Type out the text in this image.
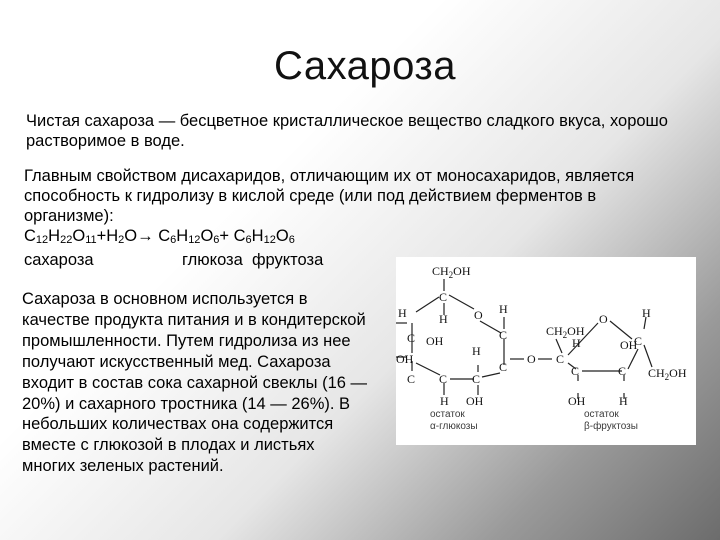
Сахароза

Чистая сахароза — бесцветное кристаллическое вещество сладкого вкуса, хорошо растворимое в воде.

Главным свойством дисахаридов, отличающим их от моносахаридов, является способность к гидролизу в кислой среде (или под действием ферментов в организме):

$C_{12}H_{22}O_{11}+H_2O\to C_6H_{12}O_6+ C_6H_{12}O_6$
сахароза	глюкоза  фруктоза

Сахароза в основном используется в качестве продукта питания и в кондитерской промышленности. Путем гидролиза из нее получают искусственный мед. Сахароза входит в состав сока сахарной свеклы (16 — 20%) и сахарного тростника (14 — 26%). В небольших количествах она содержится вместе с глюкозой в плодах и листьях многих зеленых растений.

$CH_2OH$
C
H O
H
C
OH
OH
C C
H
H
C
OH
H
C
C
O C
$CH_2OH$
O
C
H
OH
OH
C
H
C
H
$CH_2OH$
остаток
α-глюкозы
остаток
β-фруктозы
